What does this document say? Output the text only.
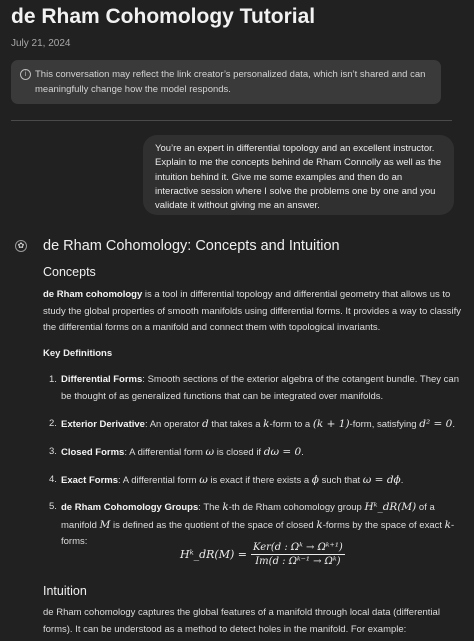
de Rham Cohomology Tutorial
July 21, 2024
i This conversation may reflect the link creator’s personalized data, which isn’t shared and can meaningfully change how the model responds.
You’re an expert in differential topology and an excellent instructor. Explain to me the concepts behind de Rham Connolly as well as the intuition behind it. Give me some examples and then do an interactive session where I solve the problems one by one and you validate it without giving me an answer.
✿ de Rham Cohomology: Concepts and Intuition
Concepts
de Rham cohomology is a tool in differential topology and differential geometry that allows us to study the global properties of smooth manifolds using differential forms. It provides a way to classify the differential forms on a manifold and connect them with topological invariants.
Key Definitions
1. Differential Forms: Smooth sections of the exterior algebra of the cotangent bundle. They can be thought of as generalized functions that can be integrated over manifolds.
2. Exterior Derivative: An operator d that takes a k-form to a (k + 1)-form, satisfying d² = 0.
3. Closed Forms: A differential form ω is closed if dω = 0.
4. Exact Forms: A differential form ω is exact if there exists a ϕ such that ω = dϕ.
5. de Rham Cohomology Groups: The k-th de Rham cohomology group Hᵏ_dR(M) of a manifold M is defined as the quotient of the space of closed k-forms by the space of exact k-forms:
Hᵏ_dR(M) = $\frac{\text{Ker(d : Ωᵏ → Ωᵏ⁺¹)}}{\text{Im(d : Ωᵏ⁻¹ → Ωᵏ)}}$
Intuition
de Rham cohomology captures the global features of a manifold through local data (differential forms). It can be understood as a method to detect holes in the manifold. For example:
